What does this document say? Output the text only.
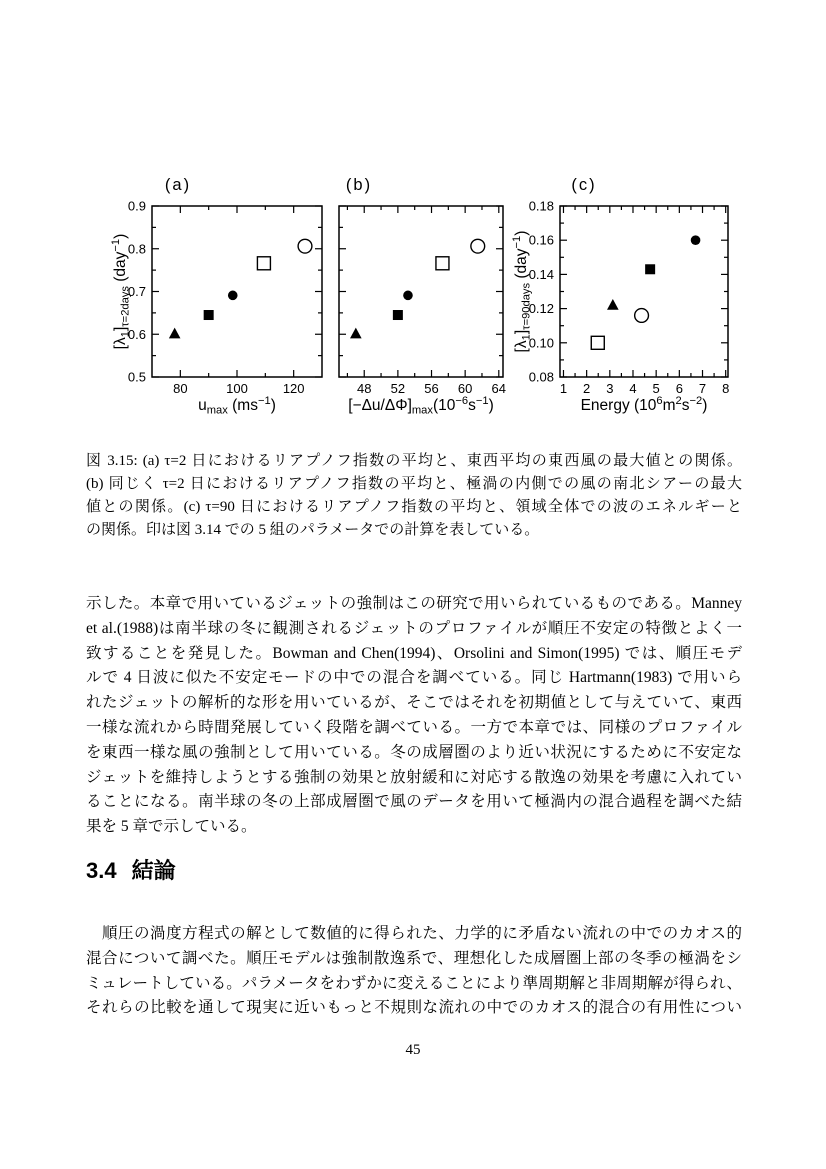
80	100	120
0.5
0.6
0.7
0.8
0.9
(a)
$u_{max}$ $(ms^{-1})$
$[\lambda_1]_{\tau=2days}$ (day$^{-1}$)
48 52 56 60 64
(b)
$[-\Delta u/\Delta\Phi]_{max}(10^{-6}s^{-1})$
1 2 3 4 5 6 7 8
0.08
0.10
0.12
0.14
0.16
0.18
(c)
Energy $(10^6m^2s^{-2})$
$[\lambda_1]_{\tau=90days}$ (day$^{-1}$)
図 3.15: (a) τ=2 日におけるリアプノフ指数の平均と、東西平均の東西風の最大値との関係。
(b) 同じく τ=2 日におけるリアプノフ指数の平均と、極渦の内側での風の南北シアーの最大
値との関係。(c) τ=90 日におけるリアプノフ指数の平均と、領域全体での波のエネルギーと
の関係。印は図 3.14 での 5 組のパラメータでの計算を表している。
示した。本章で用いているジェットの強制はこの研究で用いられているものである。Manney
et al.(1988)は南半球の冬に観測されるジェットのプロファイルが順圧不安定の特徴とよく一
致することを発見した。Bowman and Chen(1994)、Orsolini and Simon(1995) では、順圧モデ
ルで 4 日波に似た不安定モードの中での混合を調べている。同じ Hartmann(1983) で用いら
れたジェットの解析的な形を用いているが、そこではそれを初期値として与えていて、東西
一様な流れから時間発展していく段階を調べている。一方で本章では、同様のプロファイル
を東西一様な風の強制として用いている。冬の成層圏のより近い状況にするために不安定な
ジェットを維持しようとする強制の効果と放射緩和に対応する散逸の効果を考慮に入れてい
ることになる。南半球の冬の上部成層圏で風のデータを用いて極渦内の混合過程を調べた結
果を 5 章で示している。
3.4 結論
順圧の渦度方程式の解として数値的に得られた、力学的に矛盾ない流れの中でのカオス的
混合について調べた。順圧モデルは強制散逸系で、理想化した成層圏上部の冬季の極渦をシ
ミュレートしている。パラメータをわずかに変えることにより準周期解と非周期解が得られ、
それらの比較を通して現実に近いもっと不規則な流れの中でのカオス的混合の有用性につい
45
